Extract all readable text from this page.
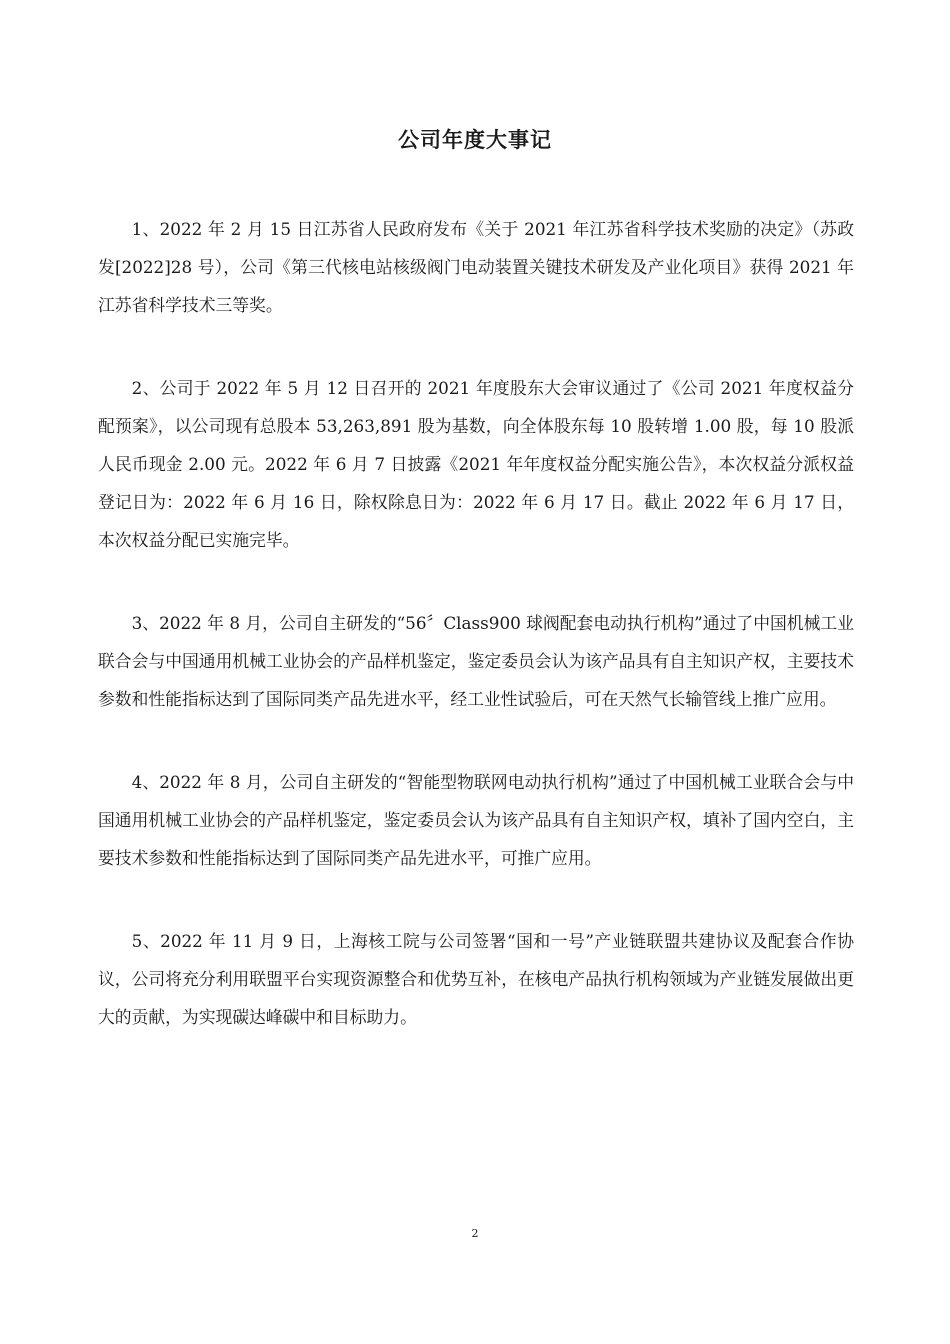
公司年度大事记

1、2022 年 2 月 15 日江苏省人民政府发布《关于 2021 年江苏省科学技术奖励的决定》（苏政发[2022]28 号），公司《第三代核电站核级阀门电动装置关键技术研发及产业化项目》获得 2021 年江苏省科学技术三等奖。

2、公司于 2022 年 5 月 12 日召开的 2021 年度股东大会审议通过了《公司 2021 年度权益分配预案》，以公司现有总股本 53,263,891 股为基数，向全体股东每 10 股转增 1.00 股，每 10 股派人民币现金 2.00 元。2022 年 6 月 7 日披露《2021 年年度权益分配实施公告》，本次权益分派权益登记日为：2022 年 6 月 16 日，除权除息日为：2022 年 6 月 17 日。截止 2022 年 6 月 17 日，本次权益分配已实施完毕。

3、2022 年 8 月，公司自主研发的“56〞Class900 球阀配套电动执行机构”通过了中国机械工业联合会与中国通用机械工业协会的产品样机鉴定，鉴定委员会认为该产品具有自主知识产权，主要技术参数和性能指标达到了国际同类产品先进水平，经工业性试验后，可在天然气长输管线上推广应用。

4、2022 年 8 月，公司自主研发的“智能型物联网电动执行机构”通过了中国机械工业联合会与中国通用机械工业协会的产品样机鉴定，鉴定委员会认为该产品具有自主知识产权，填补了国内空白，主要技术参数和性能指标达到了国际同类产品先进水平，可推广应用。

5、2022 年 11 月 9 日，上海核工院与公司签署“国和一号”产业链联盟共建协议及配套合作协议，公司将充分利用联盟平台实现资源整合和优势互补，在核电产品执行机构领域为产业链发展做出更大的贡献，为实现碳达峰碳中和目标助力。

2
